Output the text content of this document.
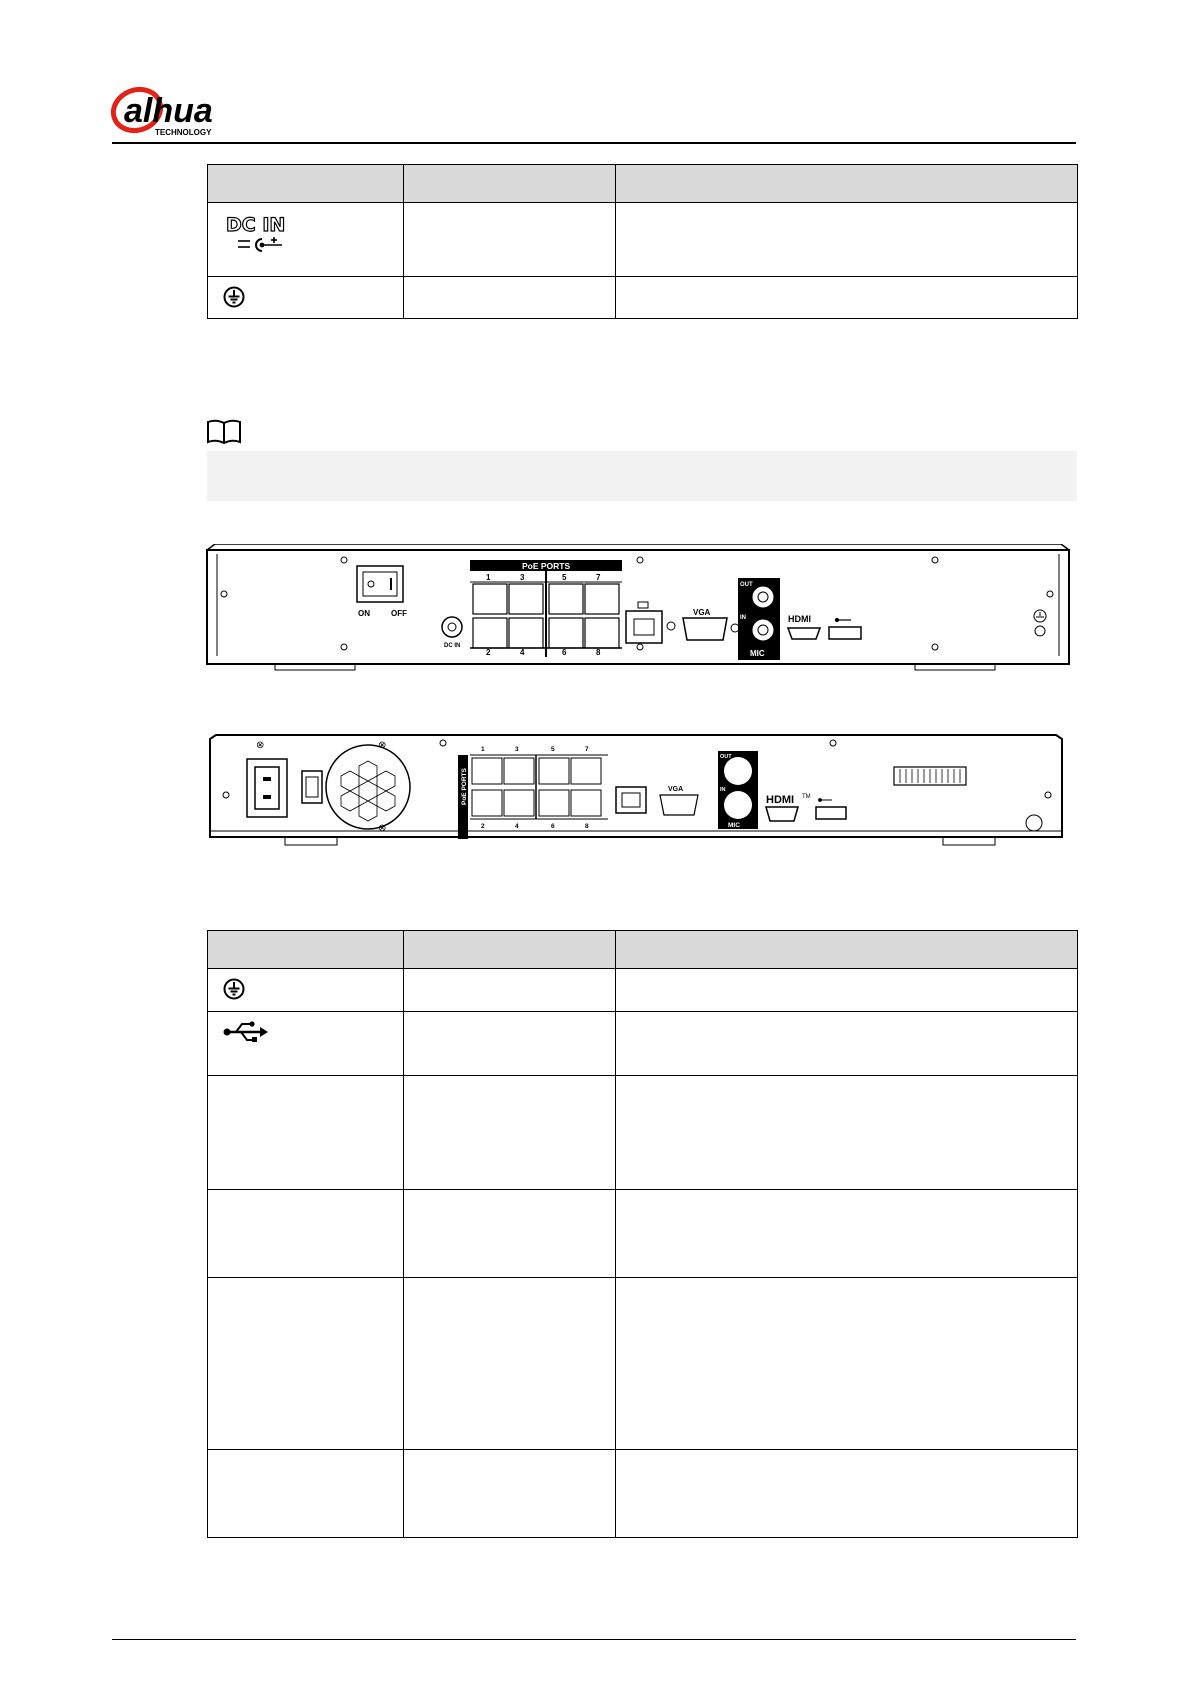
alhua
TECHNOLOGY

DC IN		

ON	OFF
DC IN
PoE PORTS
1	3	5	7
2	4	6	8
VGA
OUT
IN
MIC
HDMI
⊗	⊗
⊗
PoE PORTS
1	3	5	7
2	4	6	8
VGA
OUT
IN
MIC
HDMI TM
